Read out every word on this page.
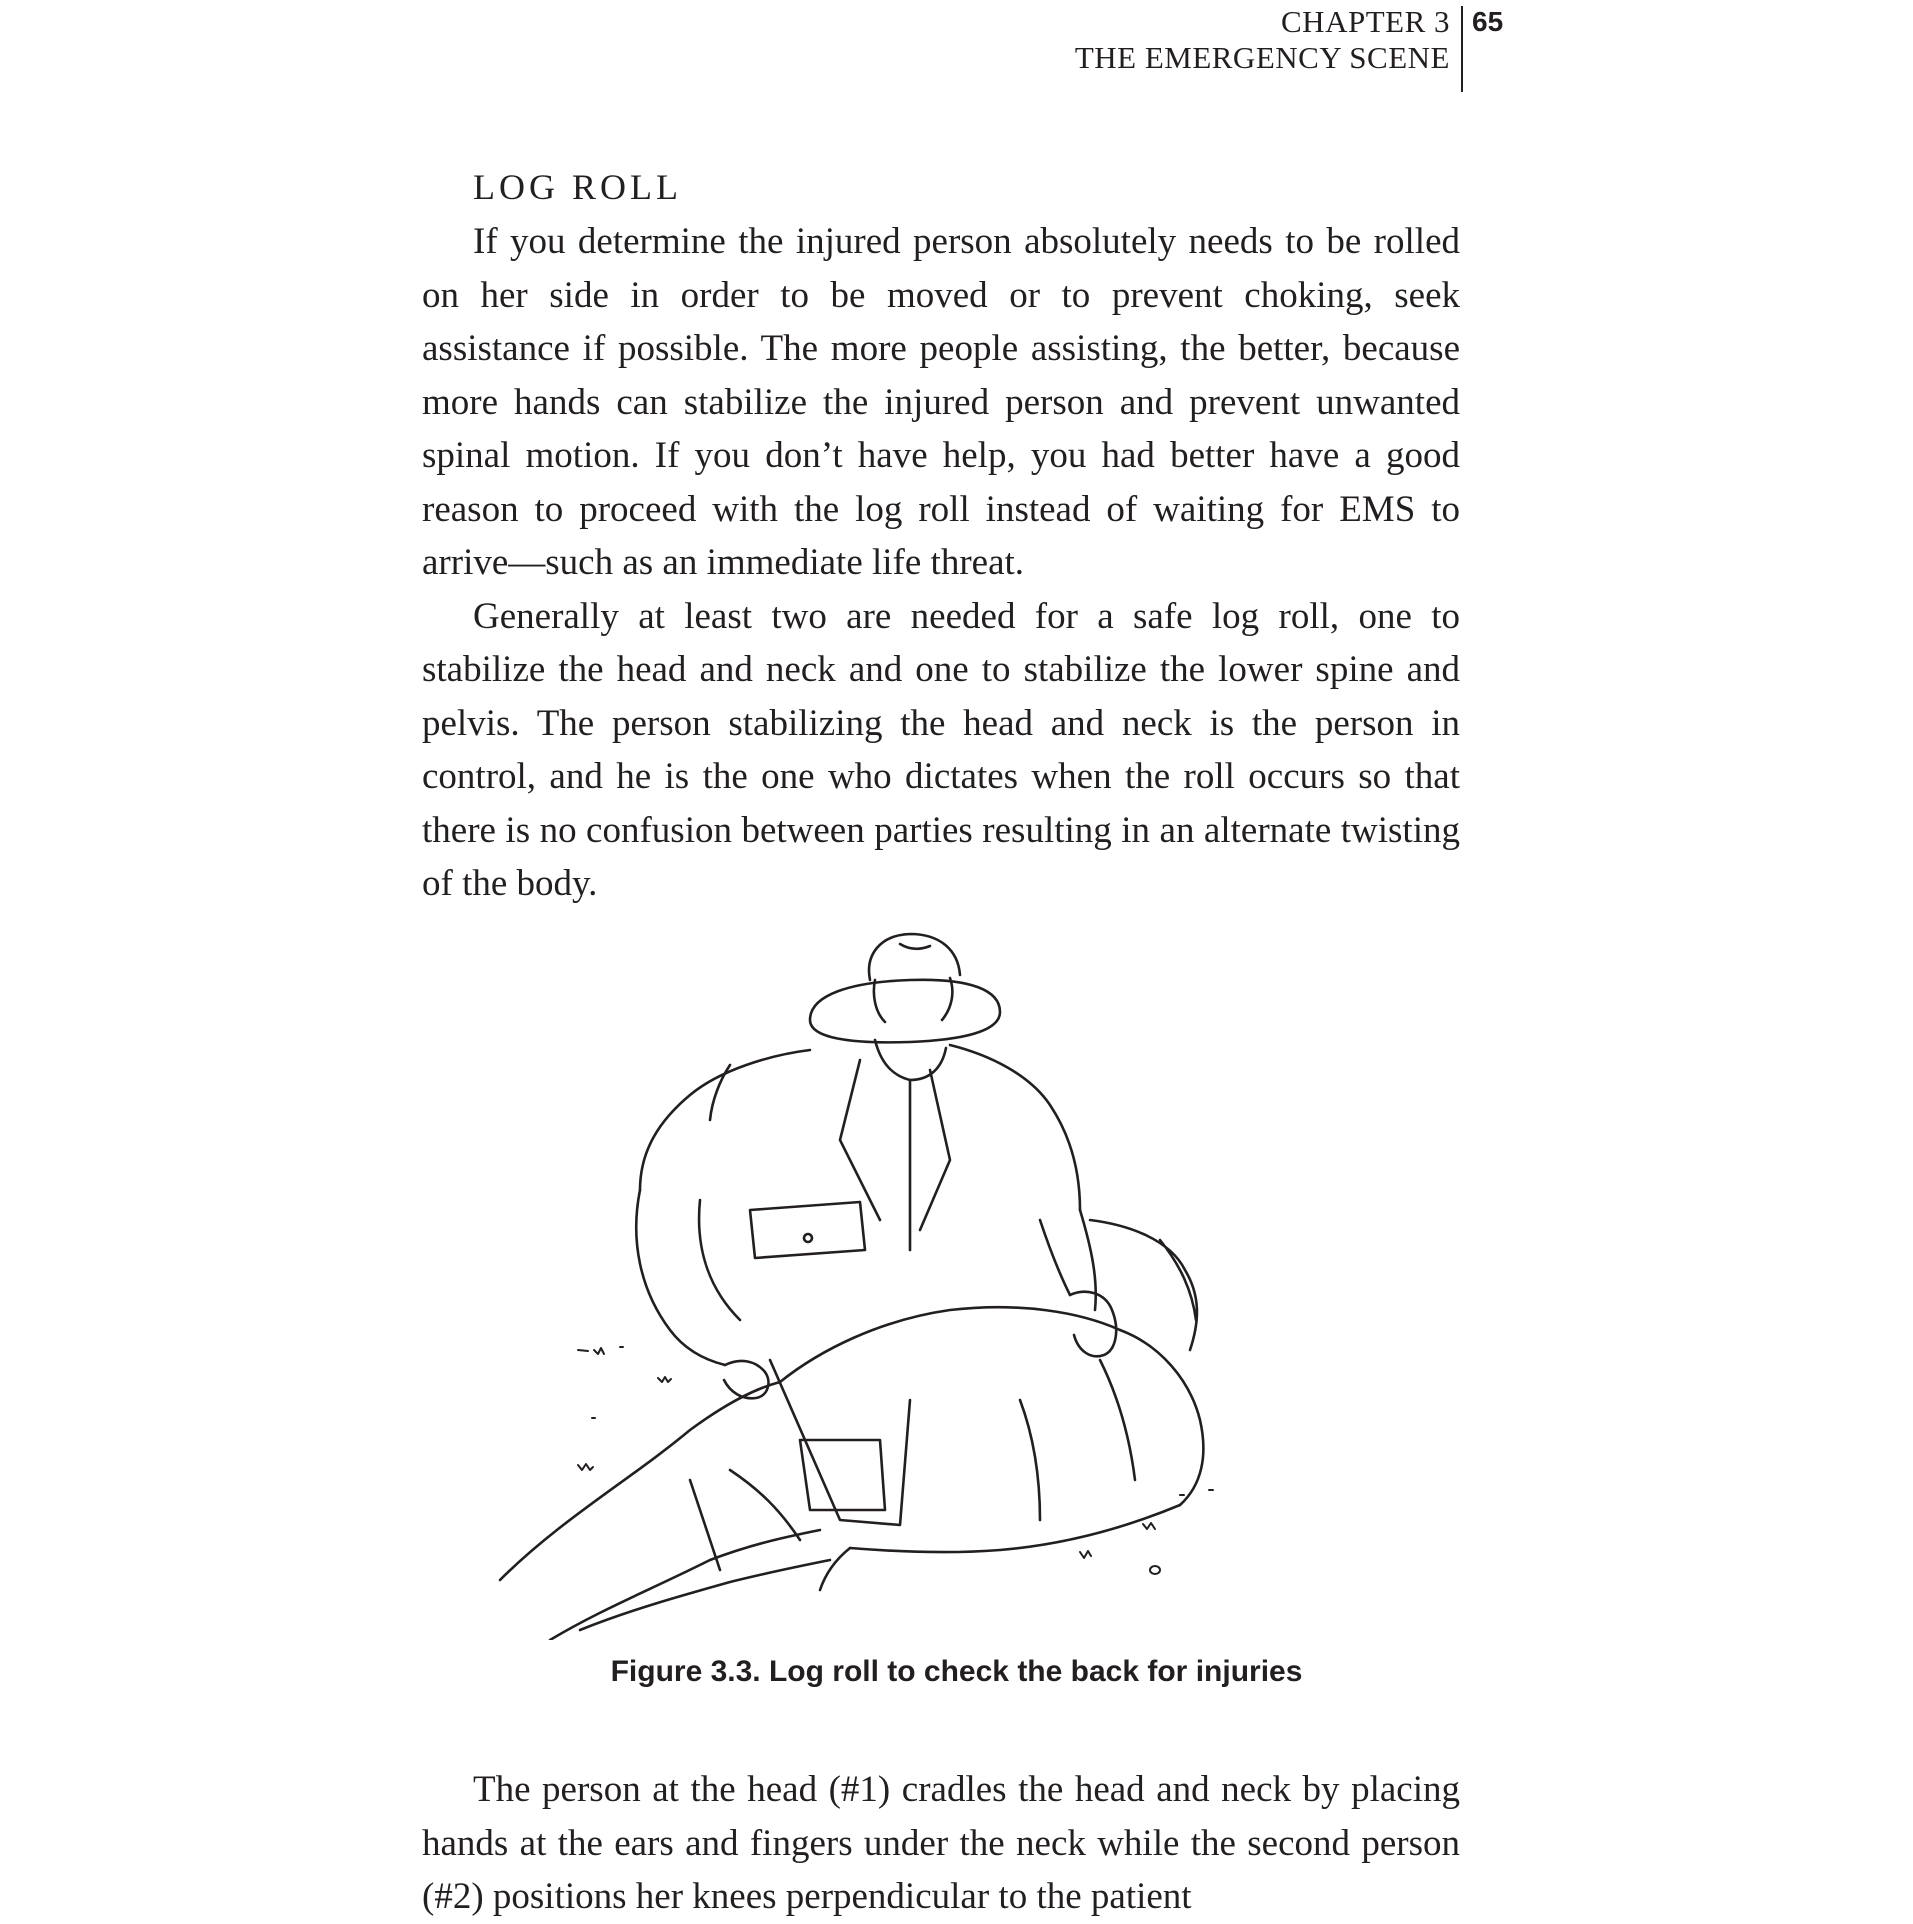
CHAPTER 3
THE EMERGENCY SCENE
65
LOG ROLL

If you determine the injured person absolutely needs to be rolled on her side in order to be moved or to prevent choking, seek assistance if possible. The more people assisting, the better, because more hands can stabilize the injured person and prevent unwanted spinal motion. If you don’t have help, you had better have a good reason to proceed with the log roll instead of waiting for EMS to arrive—such as an immediate life threat.

Generally at least two are needed for a safe log roll, one to stabilize the head and neck and one to stabilize the lower spine and pelvis. The person stabilizing the head and neck is the person in control, and he is the one who dictates when the roll occurs so that there is no confusion between parties resulting in an alternate twisting of the body.

Figure 3.3. Log roll to check the back for injuries

The person at the head (#1) cradles the head and neck by placing hands at the ears and fingers under the neck while the second person (#2) positions her knees perpendicular to the patient
